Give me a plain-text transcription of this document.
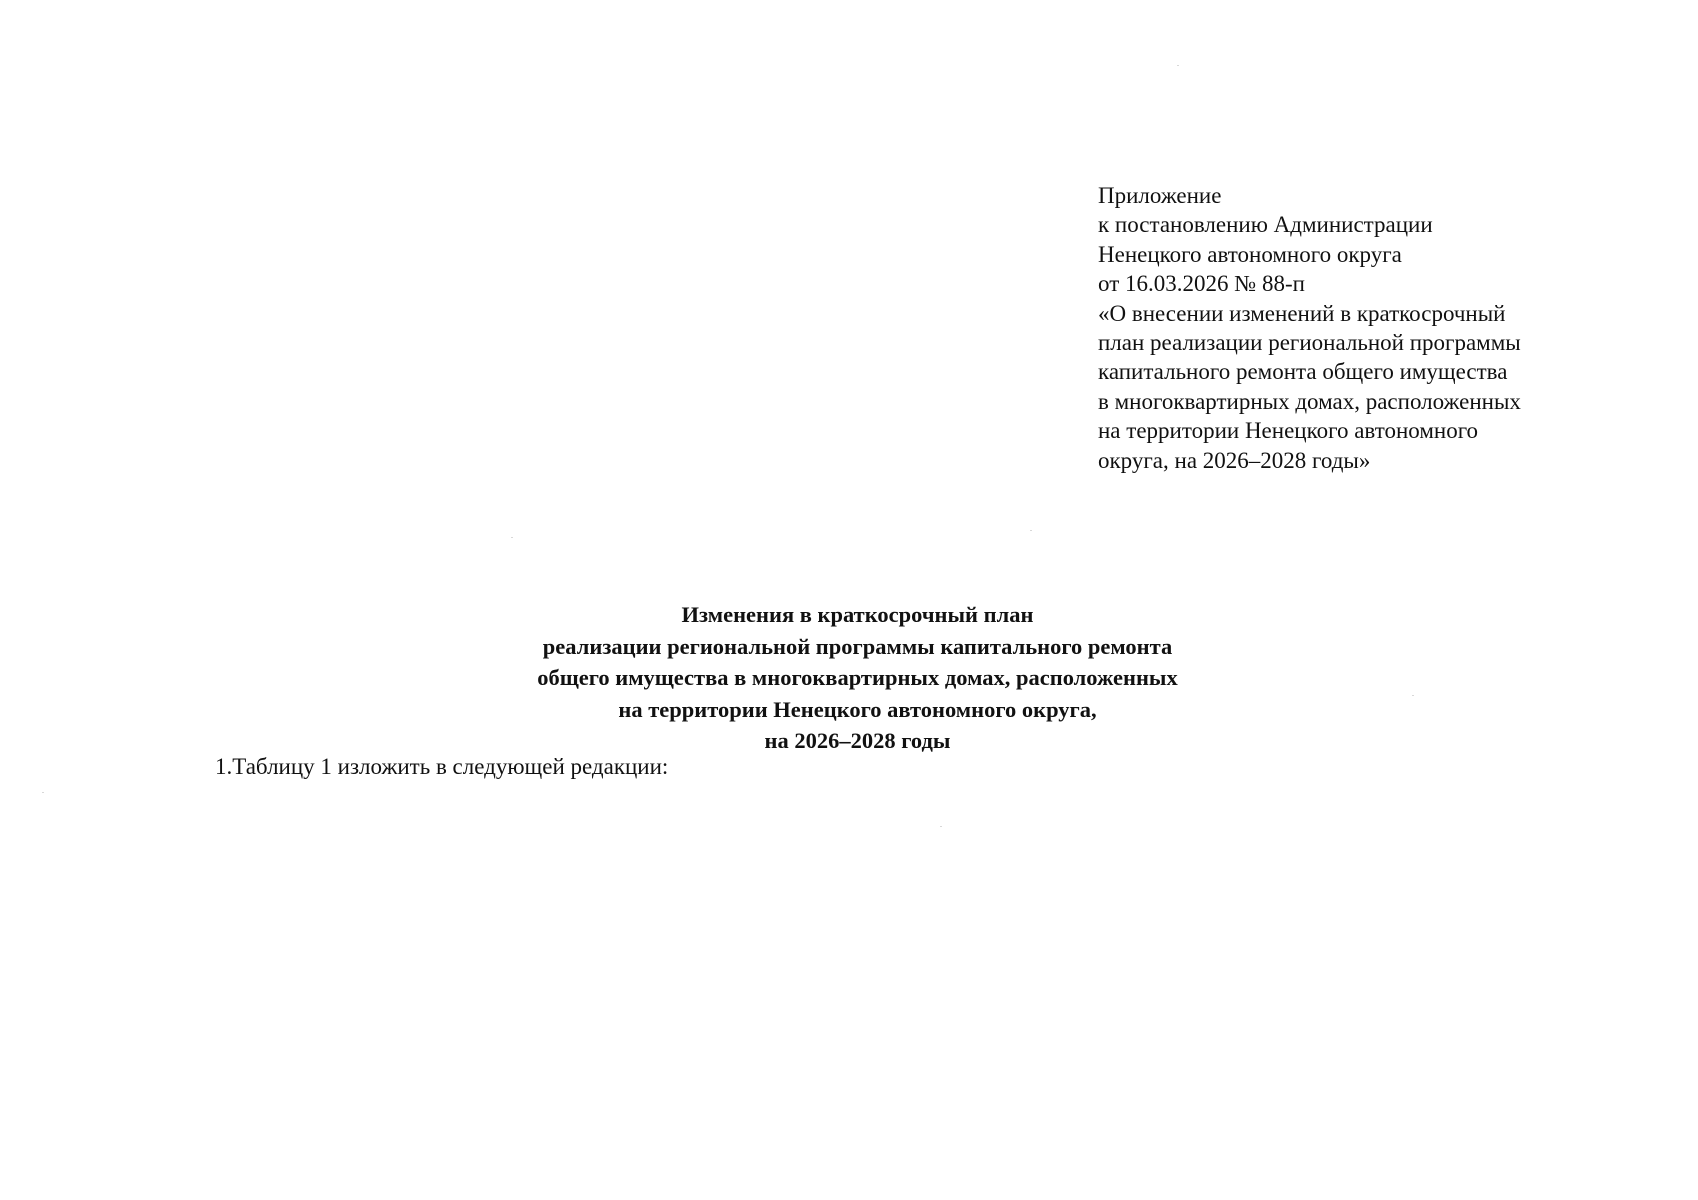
Приложение
к постановлению Администрации
Ненецкого автономного округа
от 16.03.2026 № 88-п
«О внесении изменений в краткосрочный
план реализации региональной программы
капитального ремонта общего имущества
в многоквартирных домах, расположенных
на территории Ненецкого автономного
округа, на 2026–2028 годы»
Изменения в краткосрочный план
реализации региональной программы капитального ремонта
общего имущества в многоквартирных домах, расположенных
на территории Ненецкого автономного округа,
на 2026–2028 годы
1.Таблицу 1 изложить в следующей редакции:
